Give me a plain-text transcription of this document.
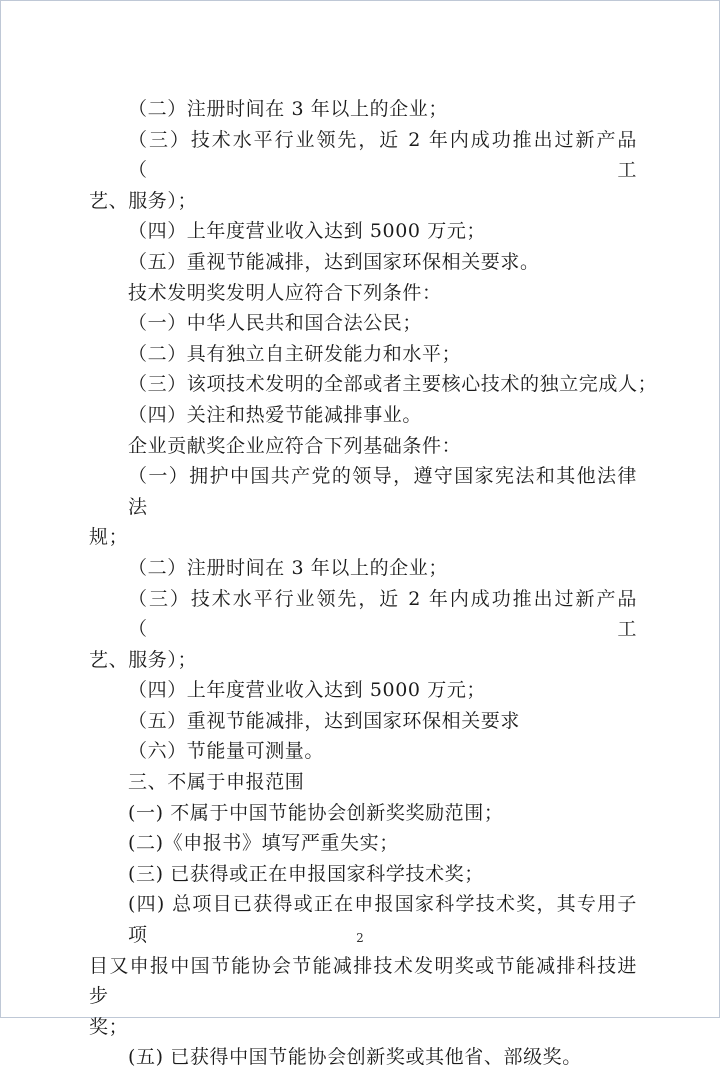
（二）注册时间在 3 年以上的企业；
（三）技术水平行业领先，近 2 年内成功推出过新产品（工
艺、服务）；
（四）上年度营业收入达到 5000 万元；
（五）重视节能减排，达到国家环保相关要求。
技术发明奖发明人应符合下列条件：
（一）中华人民共和国合法公民；
（二）具有独立自主研发能力和水平；
（三）该项技术发明的全部或者主要核心技术的独立完成人；
（四）关注和热爱节能减排事业。
企业贡献奖企业应符合下列基础条件：
（一）拥护中国共产党的领导，遵守国家宪法和其他法律法
规；
（二）注册时间在 3 年以上的企业；
（三）技术水平行业领先，近 2 年内成功推出过新产品（工
艺、服务）；
（四）上年度营业收入达到 5000 万元；
（五）重视节能减排，达到国家环保相关要求
（六）节能量可测量。
三、不属于申报范围
(一) 不属于中国节能协会创新奖奖励范围；
(二)《申报书》填写严重失实；
(三) 已获得或正在申报国家科学技术奖；
(四) 总项目已获得或正在申报国家科学技术奖，其专用子项
目又申报中国节能协会节能减排技术发明奖或节能减排科技进步
奖；
(五) 已获得中国节能协会创新奖或其他省、部级奖。
2
